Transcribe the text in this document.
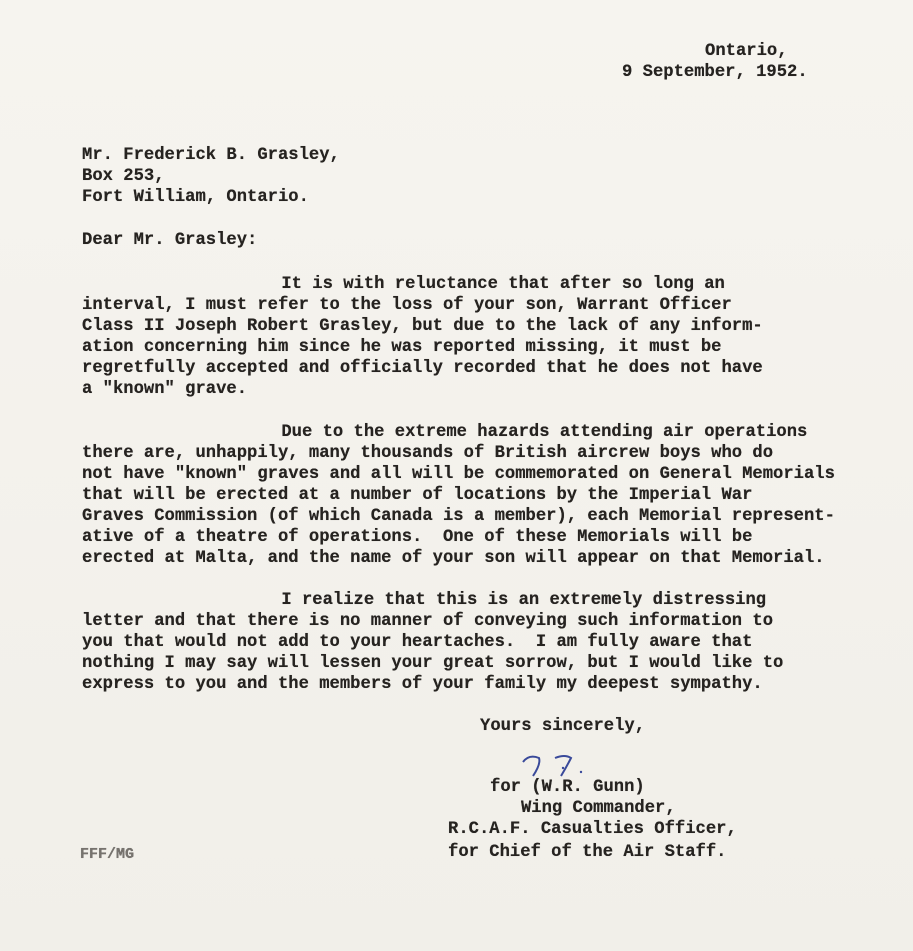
Ontario,
9 September, 1952.
Mr. Frederick B. Grasley,
Box 253,
Fort William, Ontario.
Dear Mr. Grasley:
It is with reluctance that after so long an
interval, I must refer to the loss of your son, Warrant Officer
Class II Joseph Robert Grasley, but due to the lack of any inform-
ation concerning him since he was reported missing, it must be
regretfully accepted and officially recorded that he does not have
a "known" grave.
Due to the extreme hazards attending air operations
there are, unhappily, many thousands of British aircrew boys who do
not have "known" graves and all will be commemorated on General Memorials
that will be erected at a number of locations by the Imperial War
Graves Commission (of which Canada is a member), each Memorial represent-
ative of a theatre of operations.  One of these Memorials will be
erected at Malta, and the name of your son will appear on that Memorial.
I realize that this is an extremely distressing
letter and that there is no manner of conveying such information to
you that would not add to your heartaches.  I am fully aware that
nothing I may say will lessen your great sorrow, but I would like to
express to you and the members of your family my deepest sympathy.
Yours sincerely,
for (W.R. Gunn)
Wing Commander,
R.C.A.F. Casualties Officer,
for Chief of the Air Staff.
FFF/MG
